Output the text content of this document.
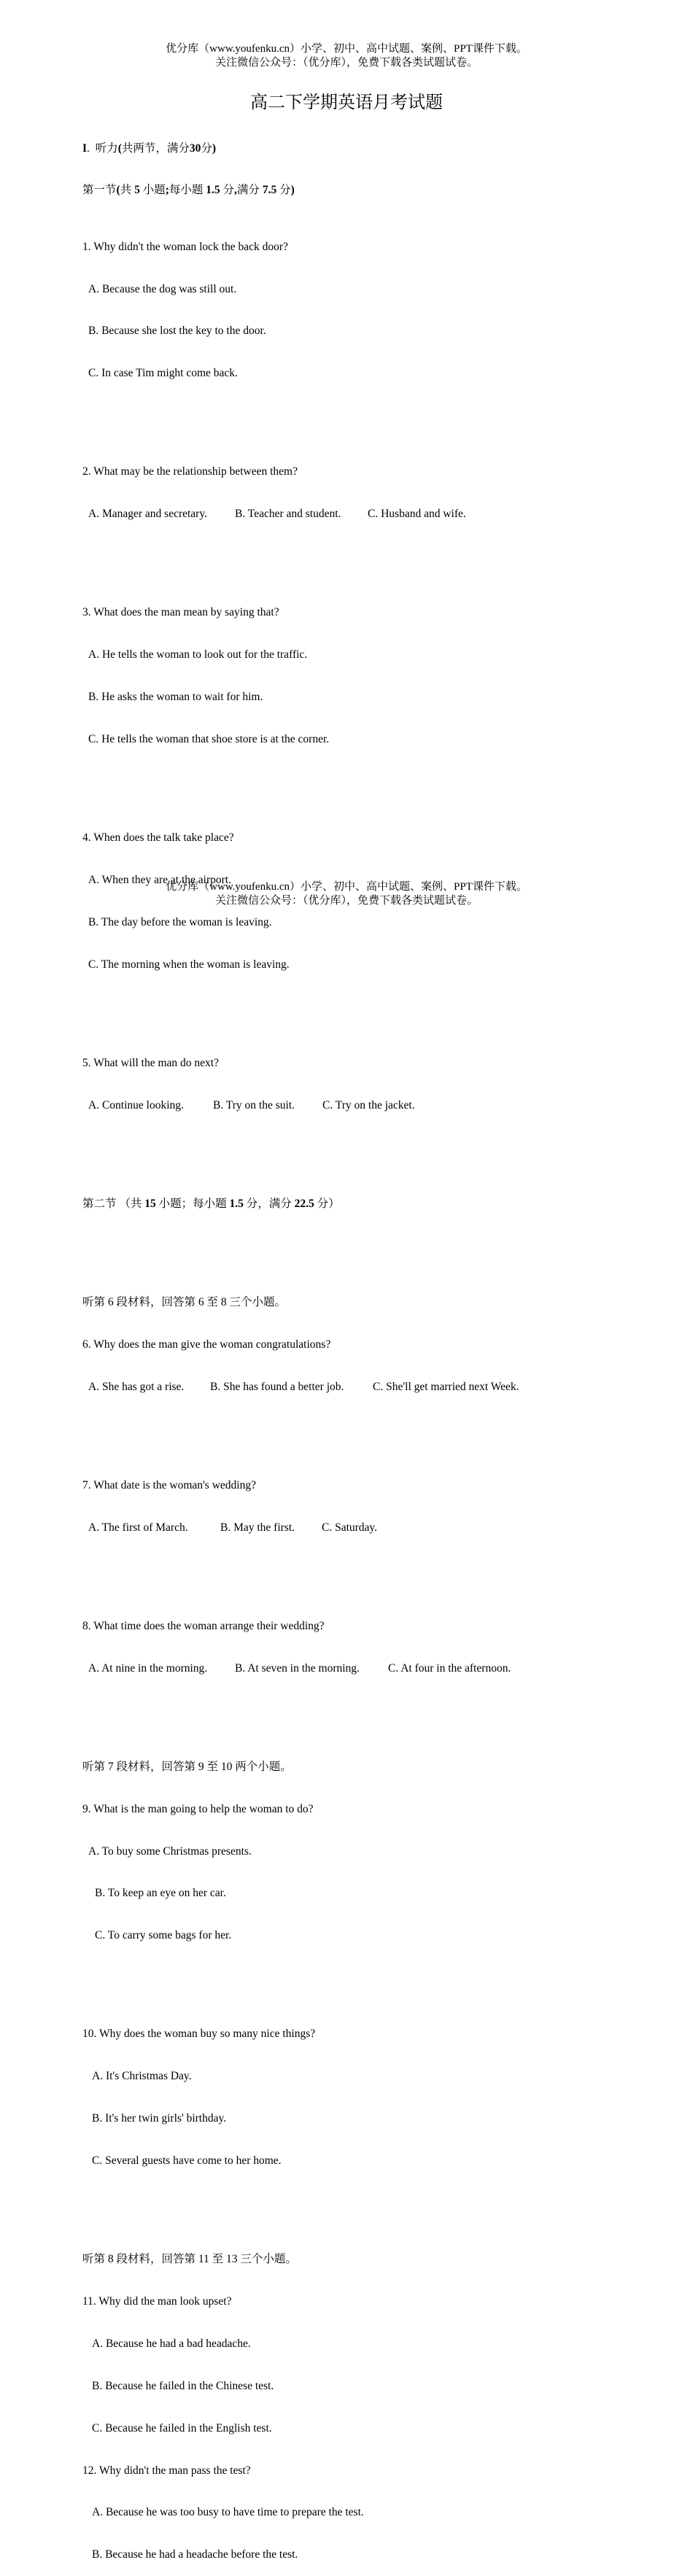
优分库（www.youfenku.cn）小学、初中、高中试题、案例、PPT课件下载。
关注微信公众号：（优分库），免费下载各类试题试卷。
高二下学期英语月考试题

I.  听力(共两节，满分30分)

第一节(共 5 小题;每小题 1.5 分,满分 7.5 分)

1. Why didn't the woman lock the back door?

A. Because the dog was still out.

B. Because she lost the key to the door.

C. In case Tim might come back.

2. What may be the relationship between them?

A. Manager and secretary. B. Teacher and student. C. Husband and wife.

3. What does the man mean by saying that?

A. He tells the woman to look out for the traffic.

B. He asks the woman to wait for him.

C. He tells the woman that shoe store is at the corner.

4. When does the talk take place?

A. When they are at the airport.

B. The day before the woman is leaving.

C. The morning when the woman is leaving.

5. What will the man do next?

A. Continue looking.	B. Try on the suit. C. Try on the jacket.

第二节 （共 15 小题；每小题 1.5 分，满分 22.5 分）

听第 6 段材料，回答第 6 至 8 三个小题。

6. Why does the man give the woman congratulations?

A. She has got a rise. B. She has found a better job.	C. She'll get married next Week.

7. What date is the woman's wedding?

A. The first of March.	B. May the first. C. Saturday.

8. What time does the woman arrange their wedding?

A. At nine in the morning. B. At seven in the morning.	C. At four in the afternoon.

听第 7 段材料，回答第 9 至 10 两个小题。

9. What is the man going to help the woman to do?

A. To buy some Christmas presents.

B. To keep an eye on her car.

C. To carry some bags for her.

10. Why does the woman buy so many nice things?

A. It's Christmas Day.

B. It's her twin girls' birthday.

C. Several guests have come to her home.

听第 8 段材料，回答第 11 至 13 三个小题。

11. Why did the man look upset?

A. Because he had a bad headache.

B. Because he failed in the Chinese test.

C. Because he failed in the English test.

12. Why didn't the man pass the test?

A. Because he was too busy to have time to prepare the test.

B. Because he had a headache before the test.

优分库（www.youfenku.cn）小学、初中、高中试题、案例、PPT课件下载。
关注微信公众号：（优分库），免费下载各类试题试卷。
